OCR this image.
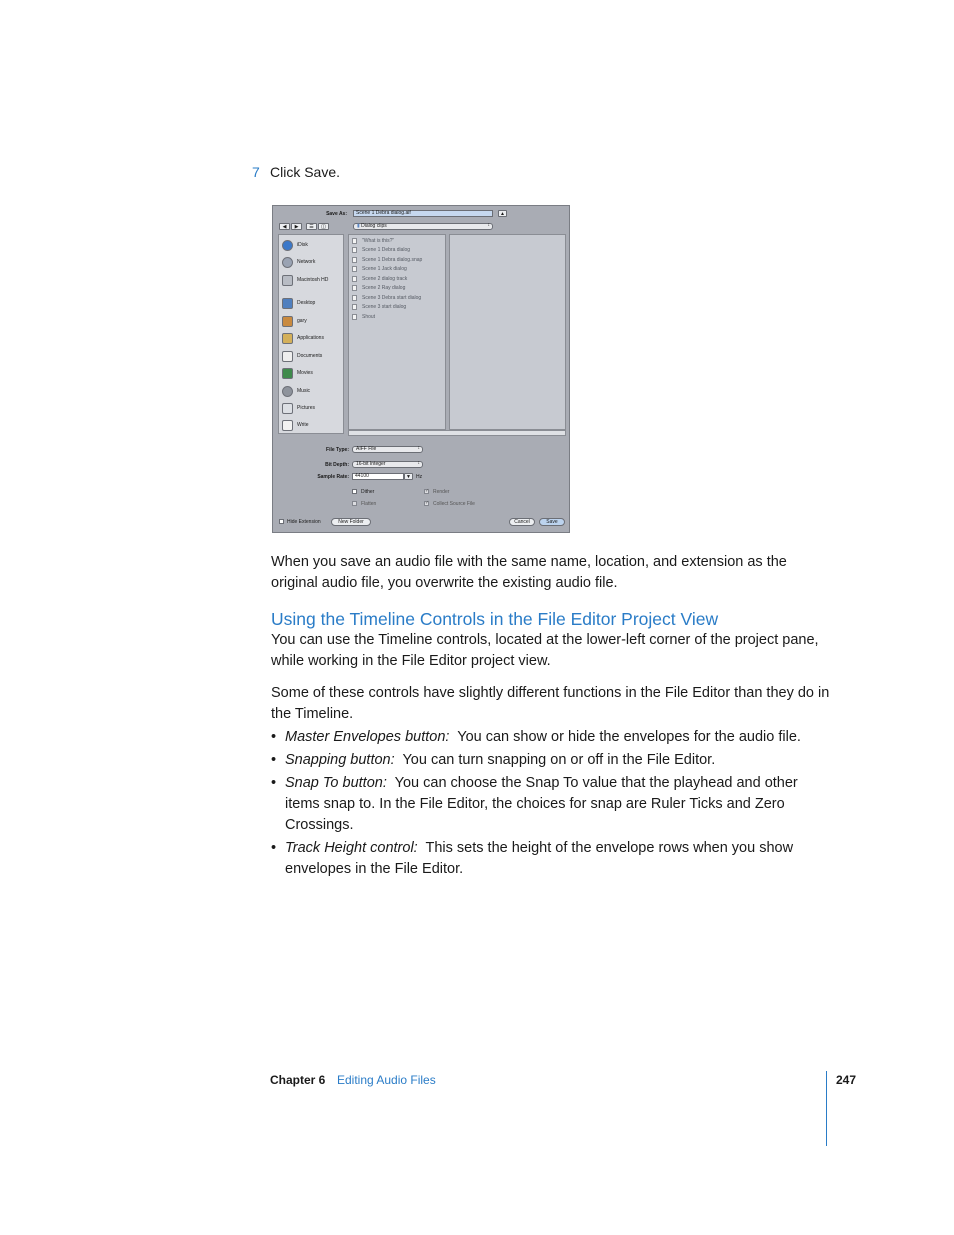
7 Click Save.
Save As:	Scene 1 Debra dialog.aif	▲
◀	▶	☰	◫	▮ Dialog clips ↕
iDisk
Network
Macintosh HD
Desktop
gary
Applications
Documents
Movies
Music
Pictures
Write
"What is this?"
Scene 1 Debra dialog
Scene 1 Debra dialog.snap
Scene 1 Jack dialog
Scene 2 dialog track
Scene 2 Ray dialog
Scene 3 Debra start dialog
Scene 3 start dialog
Shout
File Type:	AIFF File ↕
Bit Depth:	16-bit Integer ↕
Sample Rate:	44100	▼	Hz
Dither
Flatten
✓ Render
✓ Collect Source File
Hide Extension	New Folder	Cancel	Save

When you save an audio file with the same name, location, and extension as the original audio file, you overwrite the existing audio file.

Using the Timeline Controls in the File Editor Project View

You can use the Timeline controls, located at the lower-left corner of the project pane, while working in the File Editor project view.

Some of these controls have slightly different functions in the File Editor than they do in the Timeline.

• Master Envelopes button: You can show or hide the envelopes for the audio file.
• Snapping button: You can turn snapping on or off in the File Editor.
• Snap To button: You can choose the Snap To value that the playhead and other items snap to. In the File Editor, the choices for snap are Ruler Ticks and Zero Crossings.
• Track Height control: This sets the height of the envelope rows when you show envelopes in the File Editor.
Chapter 6 Editing Audio Files	247
